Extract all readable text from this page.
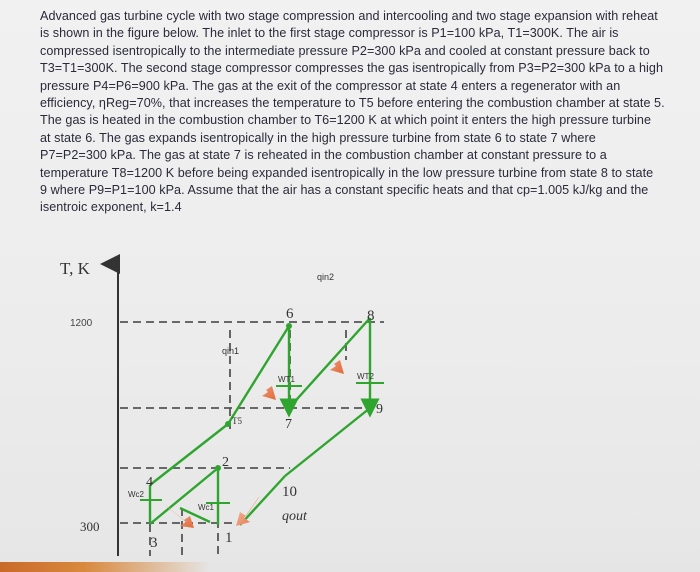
Advanced gas turbine cycle with two stage compression and intercooling and two stage expansion with reheat
is shown in the figure below. The inlet to the first stage compressor is P1=100 kPa, T1=300K. The air is
compressed isentropically to the intermediate pressure P2=300 kPa and cooled at constant pressure back to
T3=T1=300K. The second stage compressor compresses the gas isentropically from P3=P2=300 kPa to a high
pressure P4=P6=900 kPa. The gas at the exit of the compressor at state 4 enters a regenerator with an
efficiency, ηReg=70%, that increases the temperature to T5 before entering the combustion chamber at state 5.
The gas is heated in the combustion chamber to T6=1200 K at which point it enters the high pressure turbine
at state 6. The gas expands isentropically in the high pressure turbine from state 6 to state 7 where
P7=P2=300 kPa. The gas at state 7 is reheated in the combustion chamber at constant pressure to a
temperature T8=1200 K before being expanded isentropically in the low pressure turbine from state 8 to state
9 where P9=P1=100 kPa. Assume that the air has a constant specific heats and that cp=1.005 kJ/kg and the
isentroic exponent, k=1.4
T, K
1200
300
6	8
9
7
T5
2
4
10
3	1
qin1
qin2
qout
WT1	WT2
Wc2
Wc1
